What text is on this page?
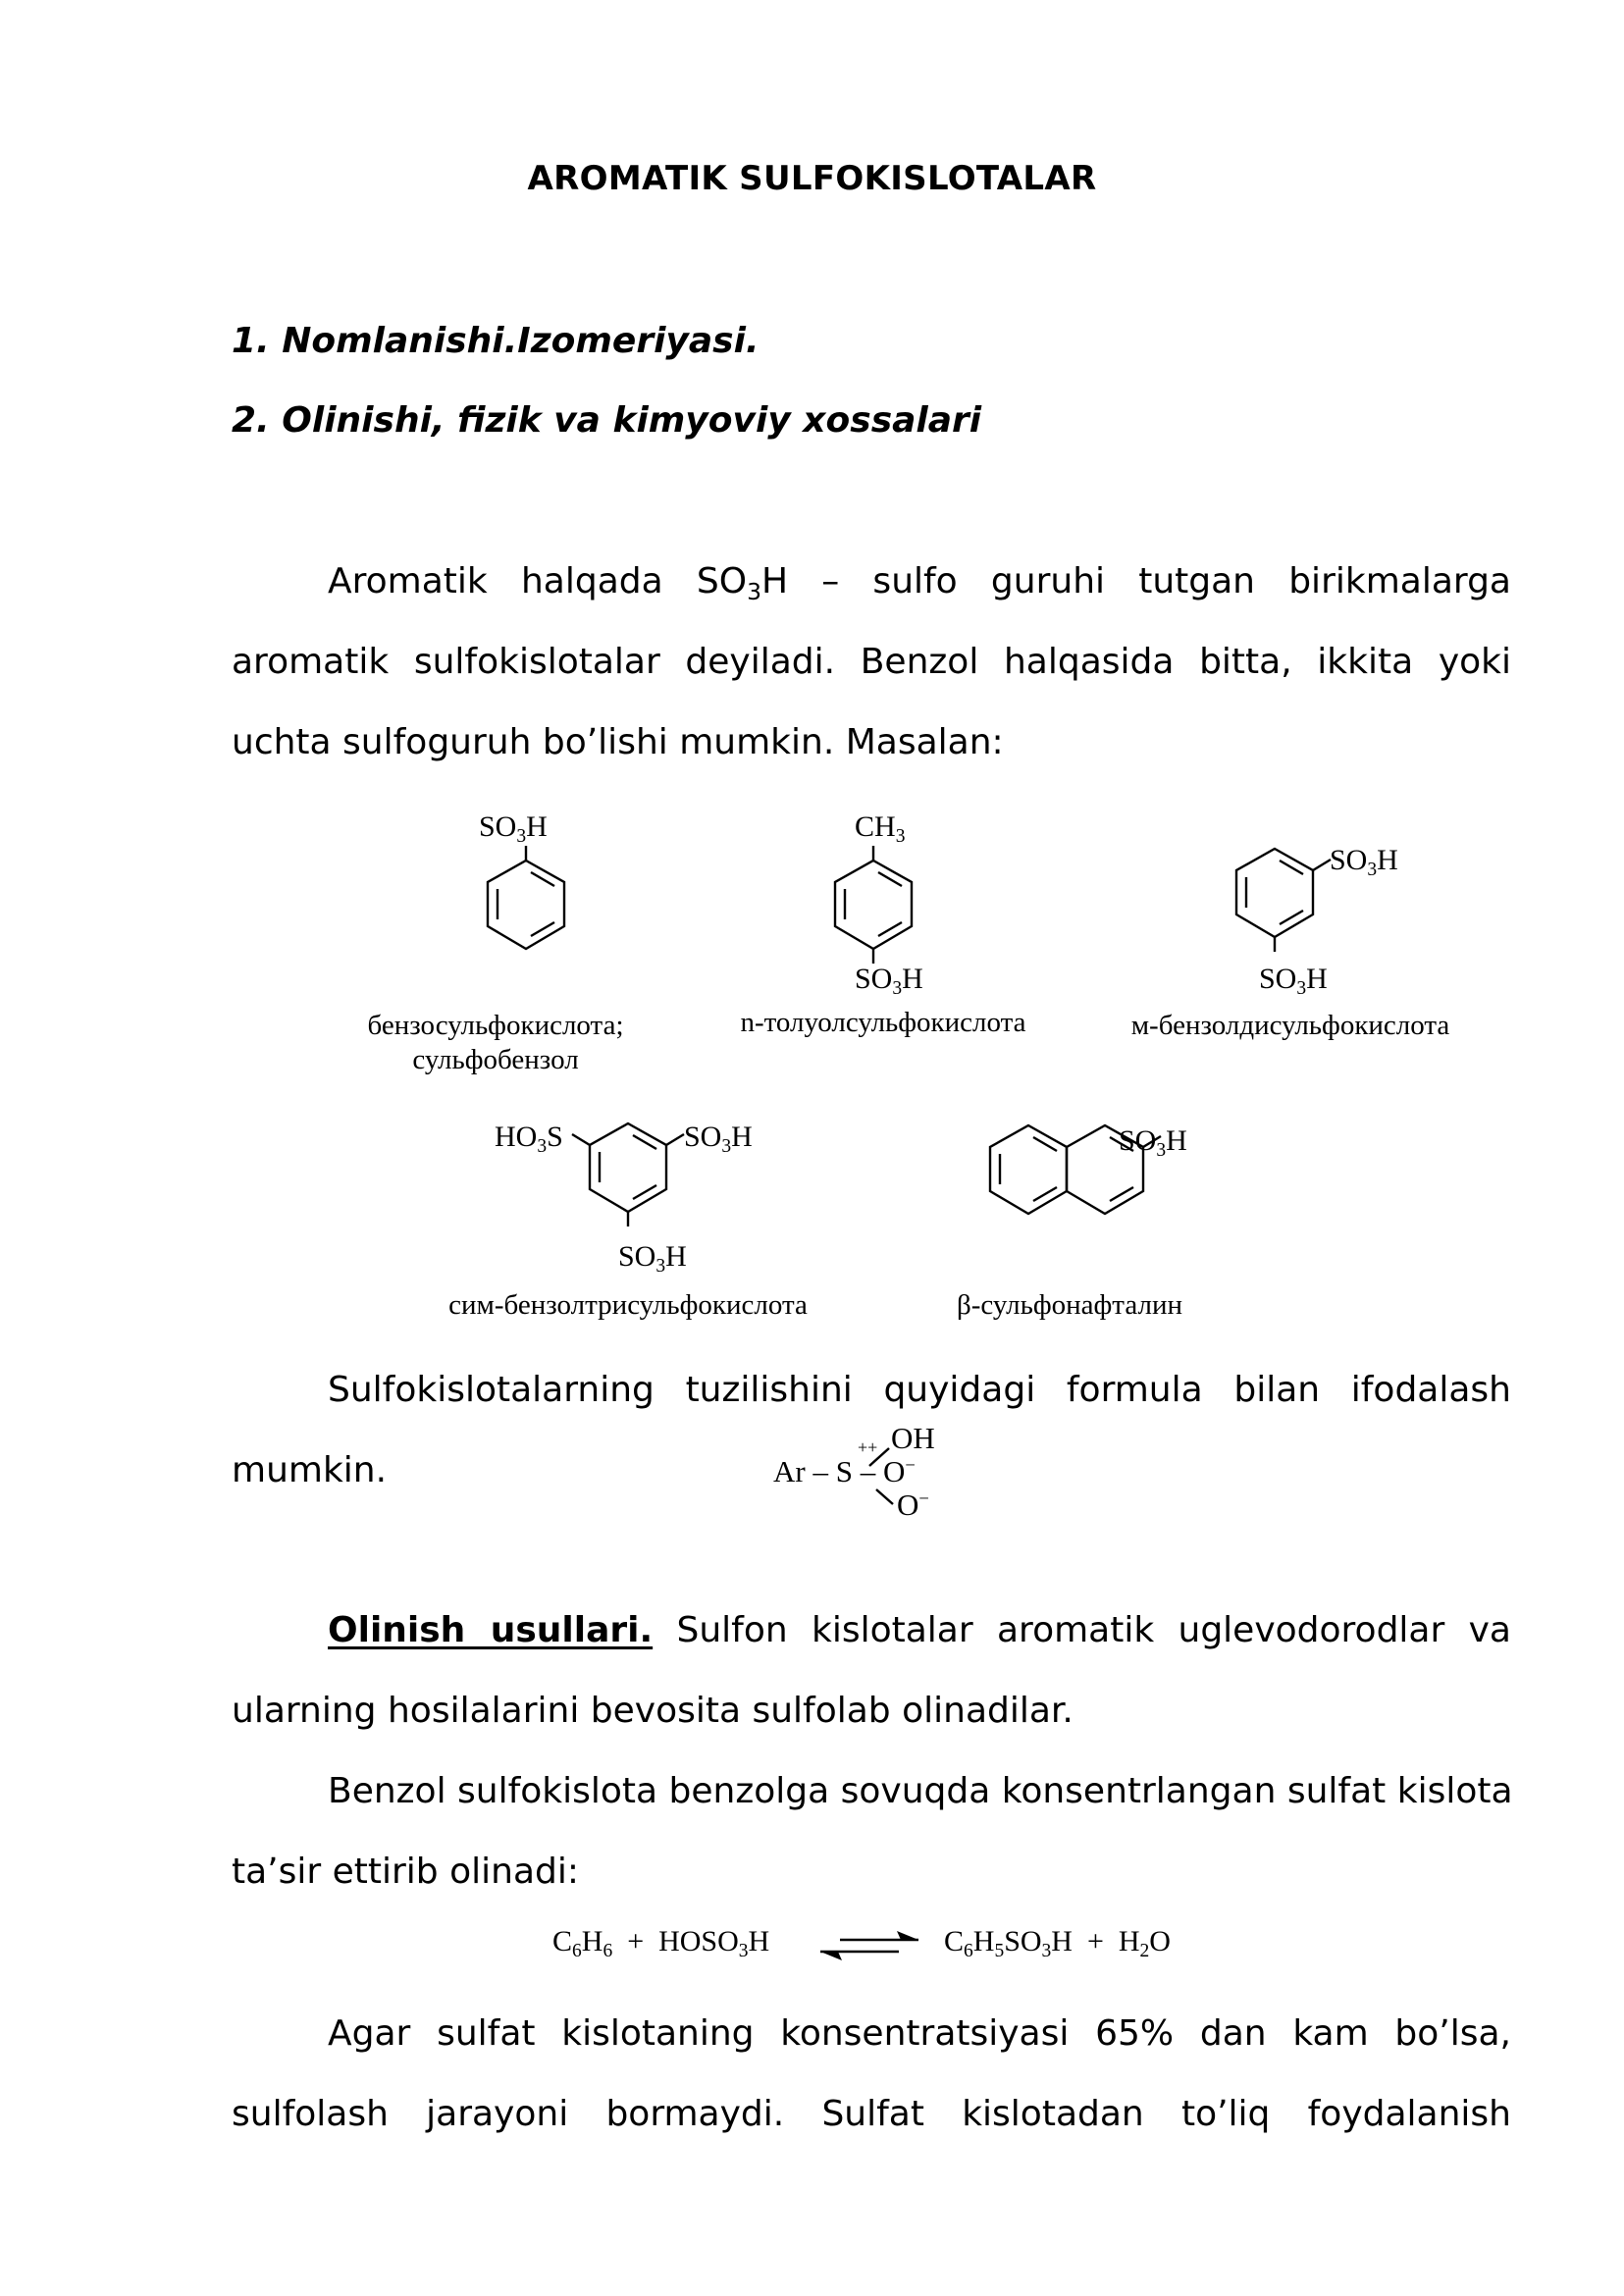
AROMATIK SULFOKISLOTALAR
1. Nomlanishi.Izomeriyasi.
2. Olinishi, fizik va kimyoviy xossalari
Aromatik halqada $SO_3H$ – sulfo guruhi tutgan birikmalarga
aromatik sulfokislotalar deyiladi. Benzol halqasida bitta, ikkita yoki
uchta sulfoguruh bo’lishi mumkin. Masalan:
$SO_3H$
бензосульфокислота;
сульфобензол
$CH_3$
$SO_3H$
n-толуолсульфокислота
$SO_3H$
$SO_3H$
м-бензолдисульфокислота
$HO_3S$	$SO_3H$
$SO_3H$
сим-бензолтрисульфокислота
$SO_3H$
β-сульфонафталин
Sulfokislotalarning tuzilishini quyidagi formula bilan ifodalash
mumkin.	Ar – S – O−
++ OH
O−
Olinish usullari. Sulfon kislotalar aromatik uglevodorodlar va
ularning hosilalarini bevosita sulfolab olinadilar.
Benzol sulfokislota benzolga sovuqda konsentrlangan sulfat kislota
ta’sir ettirib olinadi:
$C_6H_6$  +  $HOSO_3H$	$C_6H_5SO_3H + H_2O$
Agar sulfat kislotaning konsentratsiyasi 65% dan kam bo’lsa,
sulfolash jarayoni bormaydi. Sulfat kislotadan to’liq foydalanish
